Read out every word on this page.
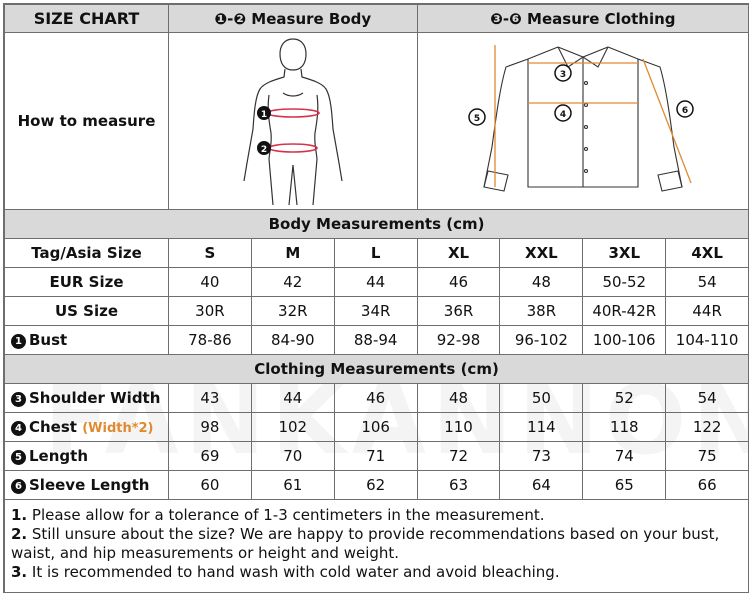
SIZE CHART	❶-❷ Measure Body			❸-❻ Measure Clothing			
How to measure	1
2			3
4
5
6			

Body Measurements (cm)							
Tag/Asia Size	S	M	L	XL	XXL	3XL	4XL
EUR Size	40	42	44	46	48	50-52	54
US Size	30R	32R	34R	36R	38R	40R-42R	44R
1 Bust	78-86	84-90	88-94	92-98	96-102	100-106	104-110
Clothing Measurements (cm)							
3 Shoulder Width	43	44	46	48	50	52	54
4 Chest (Width*2)	98	102	106	110	114	118	122
5 Length	69	70	71	72	73	74	75
6 Sleeve Length	60	61	62	63	64	65	66

1. Please allow for a tolerance of 1-3 centimeters in the measurement.
2. Still unsure about the size? We are happy to provide recommendations based on your bust, waist, and hip measurements or height and weight.
3. It is recommended to hand wash with cold water and avoid bleaching.							
